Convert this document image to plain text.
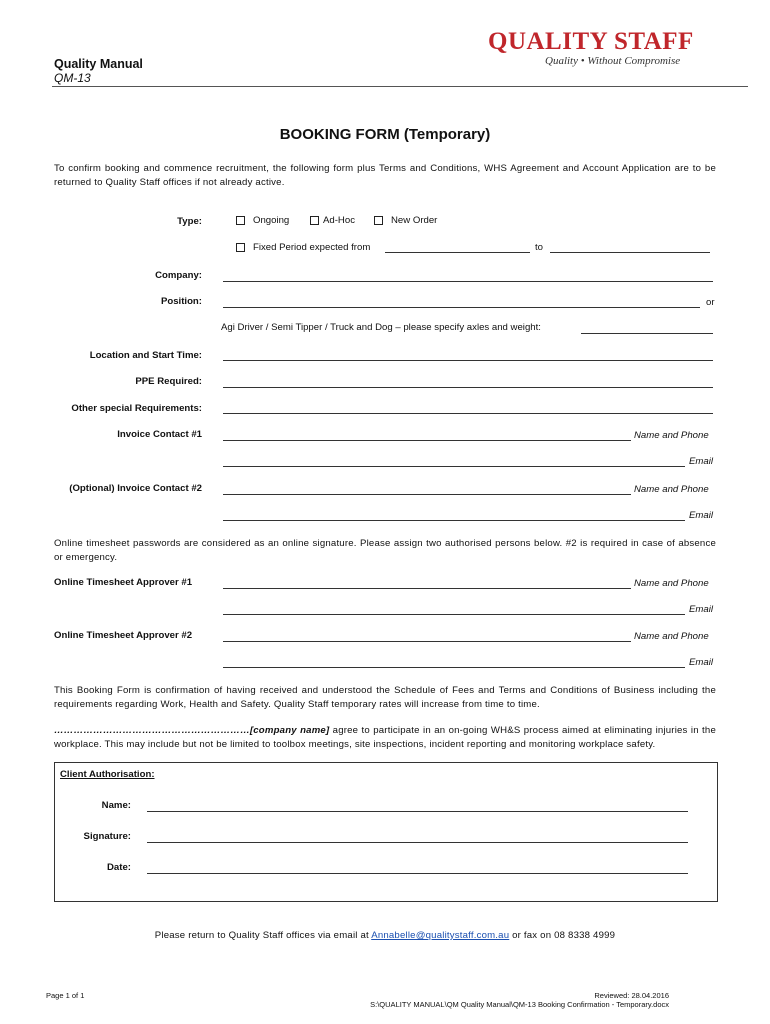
Quality Manual
QM-13
QUALITY STAFF
Quality • Without Compromise
BOOKING FORM (Temporary)
To confirm booking and commence recruitment, the following form plus Terms and Conditions, WHS Agreement and Account Application are to be returned to Quality Staff offices if not already active.
Type:	Ongoing	Ad-Hoc	New Order
Fixed Period expected from	to
Company:
Position:	or
Agi Driver / Semi Tipper / Truck and Dog – please specify axles and weight:
Location and Start Time:
PPE Required:
Other special Requirements:
Invoice Contact #1	Name and Phone
Email
(Optional) Invoice Contact #2	Name and Phone
Email
Online timesheet passwords are considered as an online signature. Please assign two authorised persons below. #2 is required in case of absence or emergency.
Online Timesheet Approver #1	Name and Phone
Email
Online Timesheet Approver #2	Name and Phone
Email
This Booking Form is confirmation of having received and understood the Schedule of Fees and Terms and Conditions of Business including the requirements regarding Work, Health and Safety. Quality Staff temporary rates will increase from time to time.
……………………………………………………[company name] agree to participate in an on-going WH&S process aimed at eliminating injuries in the workplace. This may include but not be limited to toolbox meetings, site inspections, incident reporting and monitoring workplace safety.
Client Authorisation:
Name:
Signature:
Date:
Please return to Quality Staff offices via email at Annabelle@qualitystaff.com.au or fax on 08 8338 4999
Page 1 of 1	Reviewed: 28.04.2016
S:\QUALITY MANUAL\QM Quality Manual\QM-13 Booking Confirmation - Temporary.docx
